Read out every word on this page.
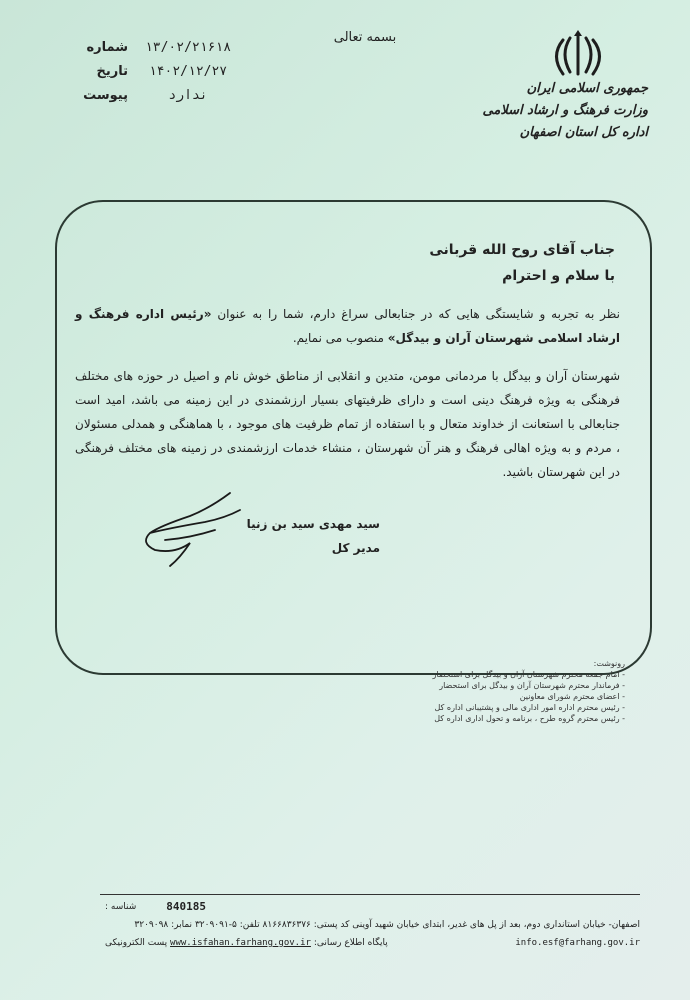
بسمه تعالی
جمهوری اسلامی ایران
وزارت فرهنگ و ارشاد اسلامی
اداره کل استان اصفهان
شماره	۱۳/۰۲/۲۱۶۱۸
تاریخ	۱۴۰۲/۱۲/۲۷
پیوست	ندارد
جناب آقای روح الله قربانی
با سلام و احترام

نظر به تجربه و شایستگی هایی که در جنابعالی سراغ دارم، شما را به عنوان «رئیس اداره فرهنگ و ارشاد اسلامی شهرستان آران و بیدگل» منصوب می نمایم.

شهرستان آران و بیدگل با مردمانی مومن، متدین و انقلابی از مناطق خوش نام و اصیل در حوزه های مختلف فرهنگی به ویژه فرهنگ دینی است و دارای ظرفیتهای بسیار ارزشمندی در این زمینه می باشد، امید است جنابعالی با استعانت از خداوند متعال و با استفاده از تمام ظرفیت های موجود ، با هماهنگی و همدلی مسئولان ، مردم و به ویژه اهالی فرهنگ و هنر آن شهرستان ، منشاء خدمات ارزشمندی در زمینه های مختلف فرهنگی در این شهرستان باشید.

سید مهدی سید بن زنیا
مدیر کل
رونوشت:
- امام جمعه محترم شهرستان آران و بیدگل برای استحضار
- فرماندار محترم شهرستان آران و بیدگل برای استحضار
- اعضای محترم شورای معاونین
- رئیس محترم اداره امور اداری مالی و پشتیبانی اداره کل
- رئیس محترم گروه طرح ، برنامه و تحول اداری اداره کل
شناسه :	840185
اصفهان- خیابان استانداری دوم، بعد از پل های غدیر، ابتدای خیابان شهید آوینی کد پستی: ۸۱۶۶۸۳۶۳۷۶ تلفن: ۵-۳۲۰۹۰۹۱ نمابر: ۳۲۰۹۰۹۸
پایگاه اطلاع رسانی: www.isfahan.farhang.gov.ir پست الکترونیکی	info.esf@farhang.gov.ir
